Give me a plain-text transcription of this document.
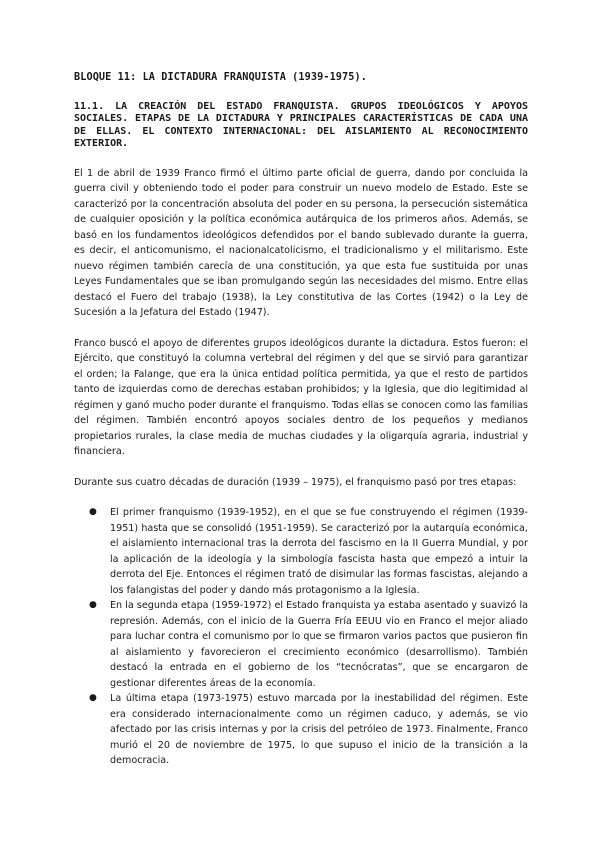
BLOQUE 11: LA DICTADURA FRANQUISTA (1939-1975).
11.1. LA CREACIÓN DEL ESTADO FRANQUISTA. GRUPOS IDEOLÓGICOS Y APOYOS SOCIALES. ETAPAS DE LA DICTADURA Y PRINCIPALES CARACTERÍSTICAS DE CADA UNA DE ELLAS. EL CONTEXTO INTERNACIONAL: DEL AISLAMIENTO AL RECONOCIMIENTO EXTERIOR.

El 1 de abril de 1939 Franco firmó el último parte oficial de guerra, dando por concluida la guerra civil y obteniendo todo el poder para construir un nuevo modelo de Estado. Este se caracterizó por la concentración absoluta del poder en su persona, la persecución sistemática de cualquier oposición y la política económica autárquica de los primeros años. Además, se basó en los fundamentos ideológicos defendidos por el bando sublevado durante la guerra, es decir, el anticomunismo, el nacionalcatolicismo, el tradicionalismo y el militarismo. Este nuevo régimen también carecía de una constitución, ya que esta fue sustituida por unas Leyes Fundamentales que se iban promulgando según las necesidades del mismo. Entre ellas destacó el Fuero del trabajo (1938), la Ley constitutiva de las Cortes (1942) o la Ley de Sucesión a la Jefatura del Estado (1947).

Franco buscó el apoyo de diferentes grupos ideológicos durante la dictadura. Estos fueron: el Ejército, que constituyó la columna vertebral del régimen y del que se sirvió para garantizar el orden; la Falange, que era la única entidad política permitida, ya que el resto de partidos tanto de izquierdas como de derechas estaban prohibidos; y la Iglesia, que dio legitimidad al régimen y ganó mucho poder durante el franquismo. Todas ellas se conocen como las familias del régimen. También encontró apoyos sociales dentro de los pequeños y medianos propietarios rurales, la clase media de muchas ciudades y la oligarquía agraria, industrial y financiera.

Durante sus cuatro décadas de duración (1939 – 1975), el franquismo pasó por tres etapas:

● El primer franquismo (1939-1952), en el que se fue construyendo el régimen (1939-1951) hasta que se consolidó (1951-1959). Se caracterizó por la autarquía económica, el aislamiento internacional tras la derrota del fascismo en la II Guerra Mundial, y por la aplicación de la ideología y la simbología fascista hasta que empezó a intuir la derrota del Eje. Entonces el régimen trató de disimular las formas fascistas, alejando a los falangistas del poder y dando más protagonismo a la Iglesia.
● En la segunda etapa (1959-1972) el Estado franquista ya estaba asentado y suavizó la represión. Además, con el inicio de la Guerra Fría EEUU vio en Franco el mejor aliado para luchar contra el comunismo por lo que se firmaron varios pactos que pusieron fin al aislamiento y favorecieron el crecimiento económico (desarrollismo). También destacó la entrada en el gobierno de los “tecnócratas”, que se encargaron de gestionar diferentes áreas de la economía.
● La última etapa (1973-1975) estuvo marcada por la inestabilidad del régimen. Este era considerado internacionalmente como un régimen caduco, y además, se vio afectado por las crisis internas y por la crisis del petróleo de 1973. Finalmente, Franco murió el 20 de noviembre de 1975, lo que supuso el inicio de la transición a la democracia.
